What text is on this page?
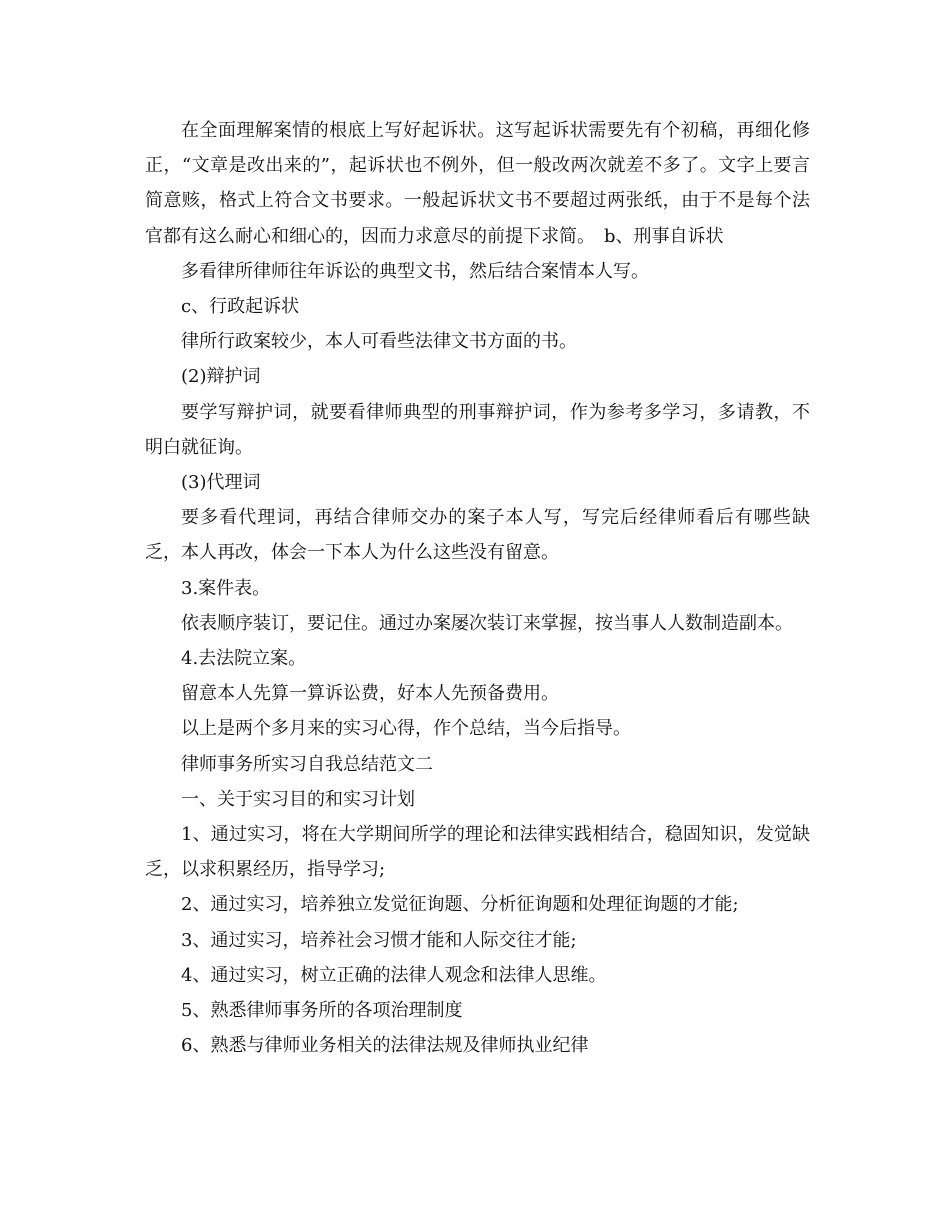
在全面理解案情的根底上写好起诉状。这写起诉状需要先有个初稿，再细化修正，“文章是改出来的”，起诉状也不例外，但一般改两次就差不多了。文字上要言简意赅，格式上符合文书要求。一般起诉状文书不要超过两张纸，由于不是每个法官都有这么耐心和细心的，因而力求意尽的前提下求简。　b、刑事自诉状

多看律所律师往年诉讼的典型文书，然后结合案情本人写。

c、行政起诉状

律所行政案较少，本人可看些法律文书方面的书。

(2)辩护词

要学写辩护词，就要看律师典型的刑事辩护词，作为参考多学习，多请教，不明白就征询。

(3)代理词

要多看代理词，再结合律师交办的案子本人写，写完后经律师看后有哪些缺乏，本人再改，体会一下本人为什么这些没有留意。

3.案件表。

依表顺序装订，要记住。通过办案屡次装订来掌握，按当事人人数制造副本。

4.去法院立案。

留意本人先算一算诉讼费，好本人先预备费用。

以上是两个多月来的实习心得，作个总结，当今后指导。

律师事务所实习自我总结范文二

一、关于实习目的和实习计划

1、通过实习，将在大学期间所学的理论和法律实践相结合，稳固知识，发觉缺乏，以求积累经历，指导学习;

2、通过实习，培养独立发觉征询题、分析征询题和处理征询题的才能;

3、通过实习，培养社会习惯才能和人际交往才能;

4、通过实习，树立正确的法律人观念和法律人思维。

5、熟悉律师事务所的各项治理制度

6、熟悉与律师业务相关的法律法规及律师执业纪律
